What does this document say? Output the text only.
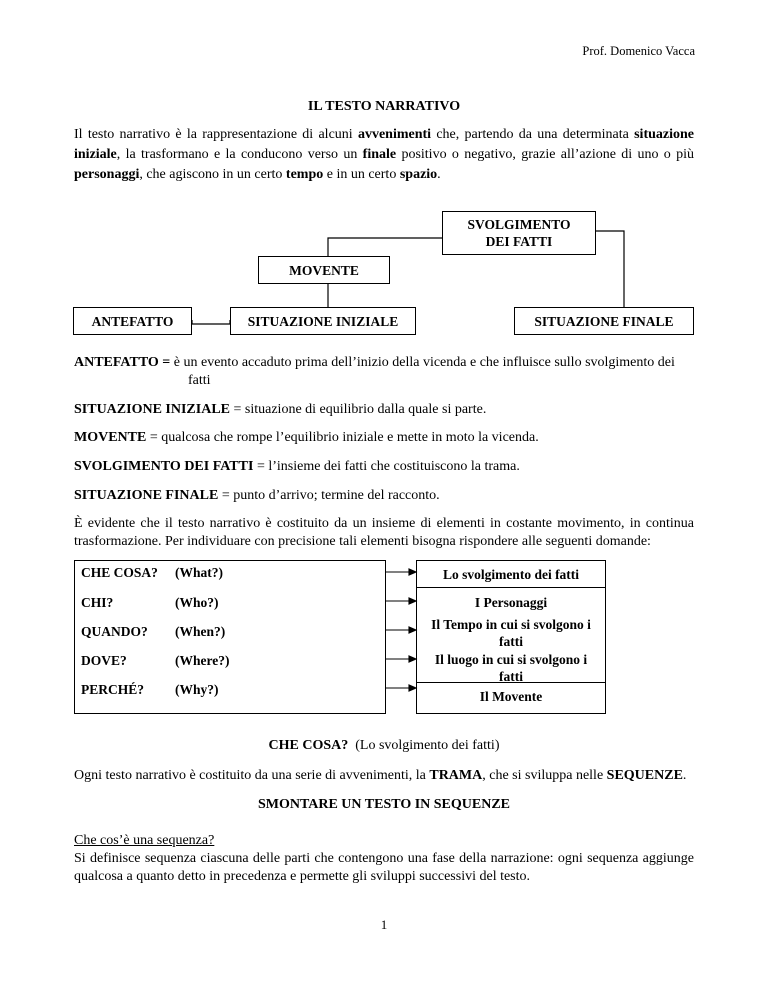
Prof. Domenico Vacca
IL TESTO NARRATIVO
Il testo narrativo è la rappresentazione di alcuni avvenimenti che, partendo da una determinata situazione iniziale, la trasformano e la conducono verso un finale positivo o negativo, grazie all’azione di uno o più personaggi, che agiscono in un certo tempo e in un certo spazio.
SVOLGIMENTO DEI FATTI
MOVENTE
ANTEFATTO	SITUAZIONE INIZIALE	SITUAZIONE FINALE
ANTEFATTO = è un evento accaduto prima dell’inizio della vicenda e che influisce sullo svolgimento dei
fatti
SITUAZIONE INIZIALE = situazione di equilibrio dalla quale si parte.
MOVENTE = qualcosa che rompe l’equilibrio iniziale e mette in moto la vicenda.
SVOLGIMENTO DEI FATTI = l’insieme dei fatti che costituiscono la trama.
SITUAZIONE FINALE = punto d’arrivo; termine del racconto.
È evidente che il testo narrativo è costituito da un insieme di elementi in costante movimento, in continua trasformazione. Per individuare con precisione tali elementi bisogna rispondere alle seguenti domande:
CHE COSA? (What?)
CHI?	(Who?)
QUANDO? (When?)
DOVE?	(Where?)
PERCHÉ? (Why?)
Lo svolgimento dei fatti
I Personaggi
Il Tempo in cui si svolgono i fatti
Il luogo in cui si svolgono i fatti
Il Movente
CHE COSA?  (Lo svolgimento dei fatti)
Ogni testo narrativo è costituito da una serie di avvenimenti, la TRAMA, che si sviluppa nelle SEQUENZE.
SMONTARE UN TESTO IN SEQUENZE
Che cos’è una sequenza?
Si definisce sequenza ciascuna delle parti che contengono una fase della narrazione: ogni sequenza aggiunge qualcosa a quanto detto in precedenza e permette gli sviluppi successivi del testo.
1
